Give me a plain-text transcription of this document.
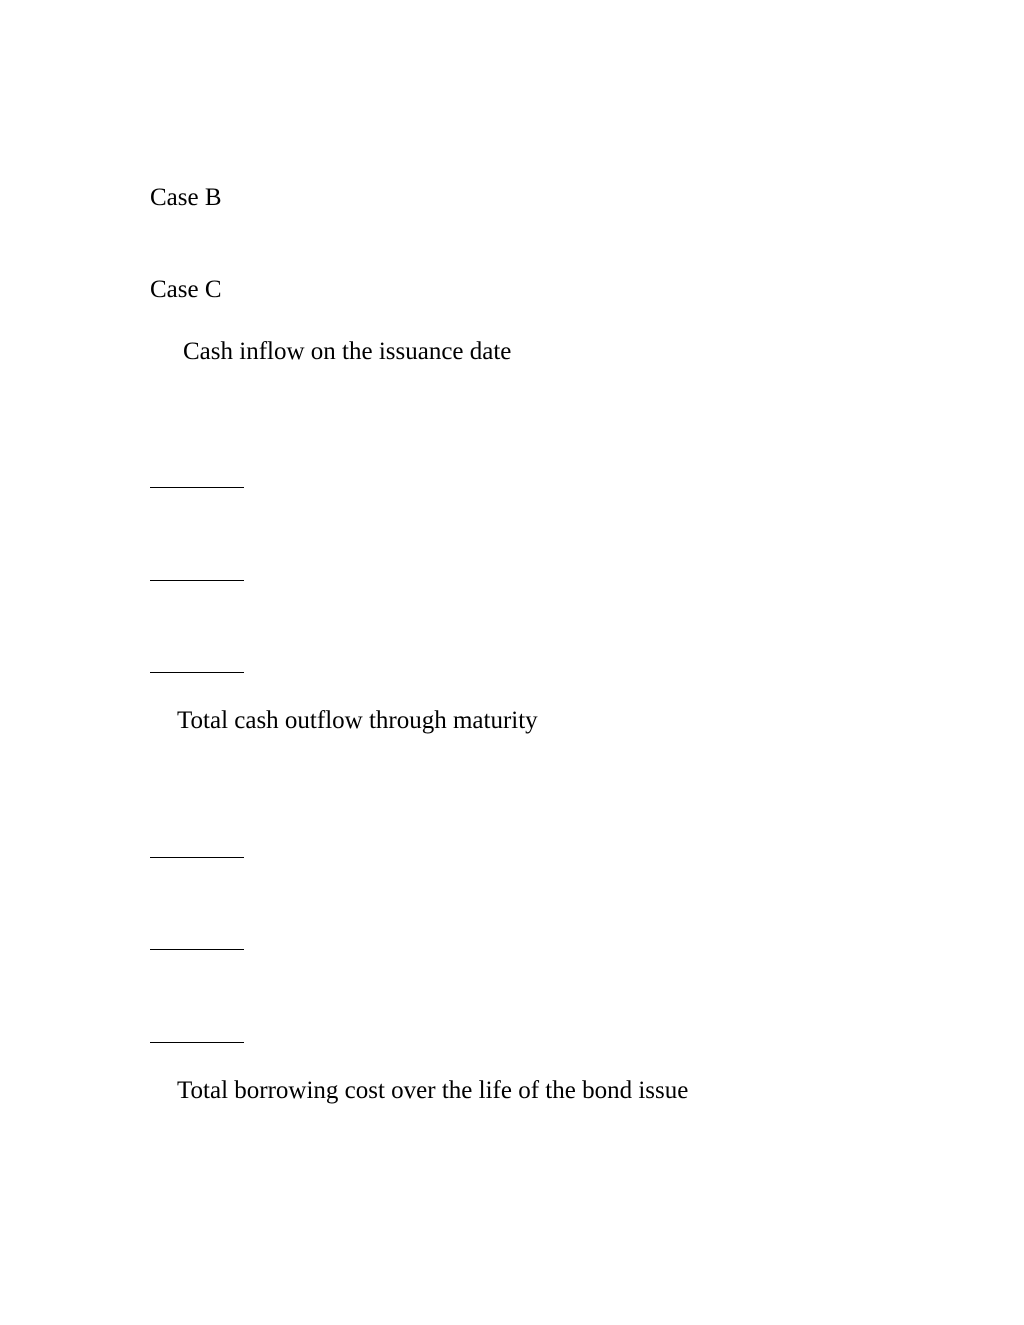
Case B
Case C
Cash inflow on the issuance date
Total cash outflow through maturity
Total borrowing cost over the life of the bond issue
